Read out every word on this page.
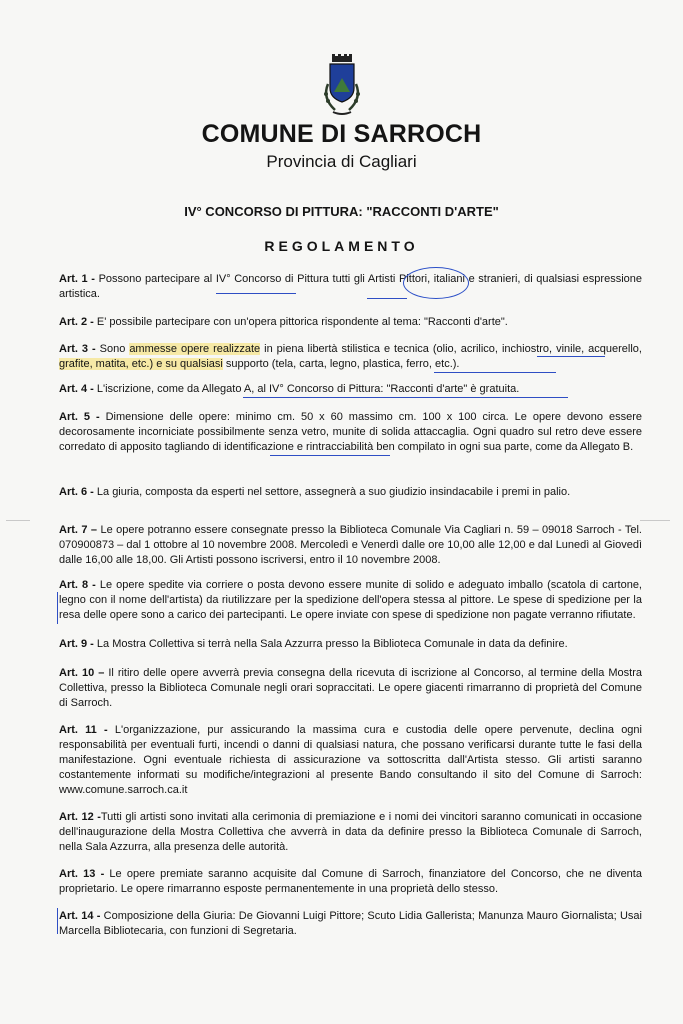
COMUNE DI SARROCH
Provincia di Cagliari
IV° CONCORSO DI PITTURA: "RACCONTI D'ARTE"
REGOLAMENTO
Art. 1 - Possono partecipare al IV° Concorso di Pittura tutti gli Artisti Pittori, italiani e stranieri, di qualsiasi espressione artistica.
Art. 2 - E' possibile partecipare con un'opera pittorica rispondente al tema: "Racconti d'arte".
Art. 3 - Sono ammesse opere realizzate in piena libertà stilistica e tecnica (olio, acrilico, inchiostro, vinile, acquerello, grafite, matita, etc.) e su qualsiasi supporto (tela, carta, legno, plastica, ferro, etc.).
Art. 4 - L'iscrizione, come da Allegato A, al IV° Concorso di Pittura: "Racconti d'arte" è gratuita.
Art. 5 - Dimensione delle opere: minimo cm. 50 x 60 massimo cm. 100 x 100 circa. Le opere devono essere decorosamente incorniciate possibilmente senza vetro, munite di solida attaccaglia. Ogni quadro sul retro deve essere corredato di apposito tagliando di identificazione e rintracciabilità ben compilato in ogni sua parte, come da Allegato B.
Art. 6 - La giuria, composta da esperti nel settore, assegnerà a suo giudizio insindacabile i premi in palio.
Art. 7 – Le opere potranno essere consegnate presso la Biblioteca Comunale Via Cagliari n. 59 – 09018 Sarroch - Tel. 070900873 – dal 1 ottobre al 10 novembre 2008. Mercoledì e Venerdì dalle ore 10,00 alle 12,00 e dal Lunedì al Giovedì dalle 16,00 alle 18,00. Gli Artisti possono iscriversi, entro il 10 novembre 2008.
Art. 8 - Le opere spedite via corriere o posta devono essere munite di solido e adeguato imballo (scatola di cartone, legno con il nome dell'artista) da riutilizzare per la spedizione dell'opera stessa al pittore. Le spese di spedizione per la resa delle opere sono a carico dei partecipanti. Le opere inviate con spese di spedizione non pagate verranno rifiutate.
Art. 9 - La Mostra Collettiva si terrà nella Sala Azzurra presso la Biblioteca Comunale in data da definire.
Art. 10 – Il ritiro delle opere avverrà previa consegna della ricevuta di iscrizione al Concorso, al termine della Mostra Collettiva, presso la Biblioteca Comunale negli orari sopraccitati. Le opere giacenti rimarranno di proprietà del Comune di Sarroch.
Art. 11 - L'organizzazione, pur assicurando la massima cura e custodia delle opere pervenute, declina ogni responsabilità per eventuali furti, incendi o danni di qualsiasi natura, che possano verificarsi durante tutte le fasi della manifestazione. Ogni eventuale richiesta di assicurazione va sottoscritta dall'Artista stesso. Gli artisti saranno costantemente informati su modifiche/integrazioni al presente Bando consultando il sito del Comune di Sarroch: www.comune.sarroch.ca.it
Art. 12 -Tutti gli artisti sono invitati alla cerimonia di premiazione e i nomi dei vincitori saranno comunicati in occasione dell'inaugurazione della Mostra Collettiva che avverrà in data da definire presso la Biblioteca Comunale di Sarroch, nella Sala Azzurra, alla presenza delle autorità.
Art. 13 - Le opere premiate saranno acquisite dal Comune di Sarroch, finanziatore del Concorso, che ne diventa proprietario. Le opere rimarranno esposte permanentemente in una proprietà dello stesso.
Art. 14 - Composizione della Giuria: De Giovanni Luigi Pittore; Scuto Lidia Gallerista; Manunza Mauro Giornalista; Usai Marcella Bibliotecaria, con funzioni di Segretaria.
